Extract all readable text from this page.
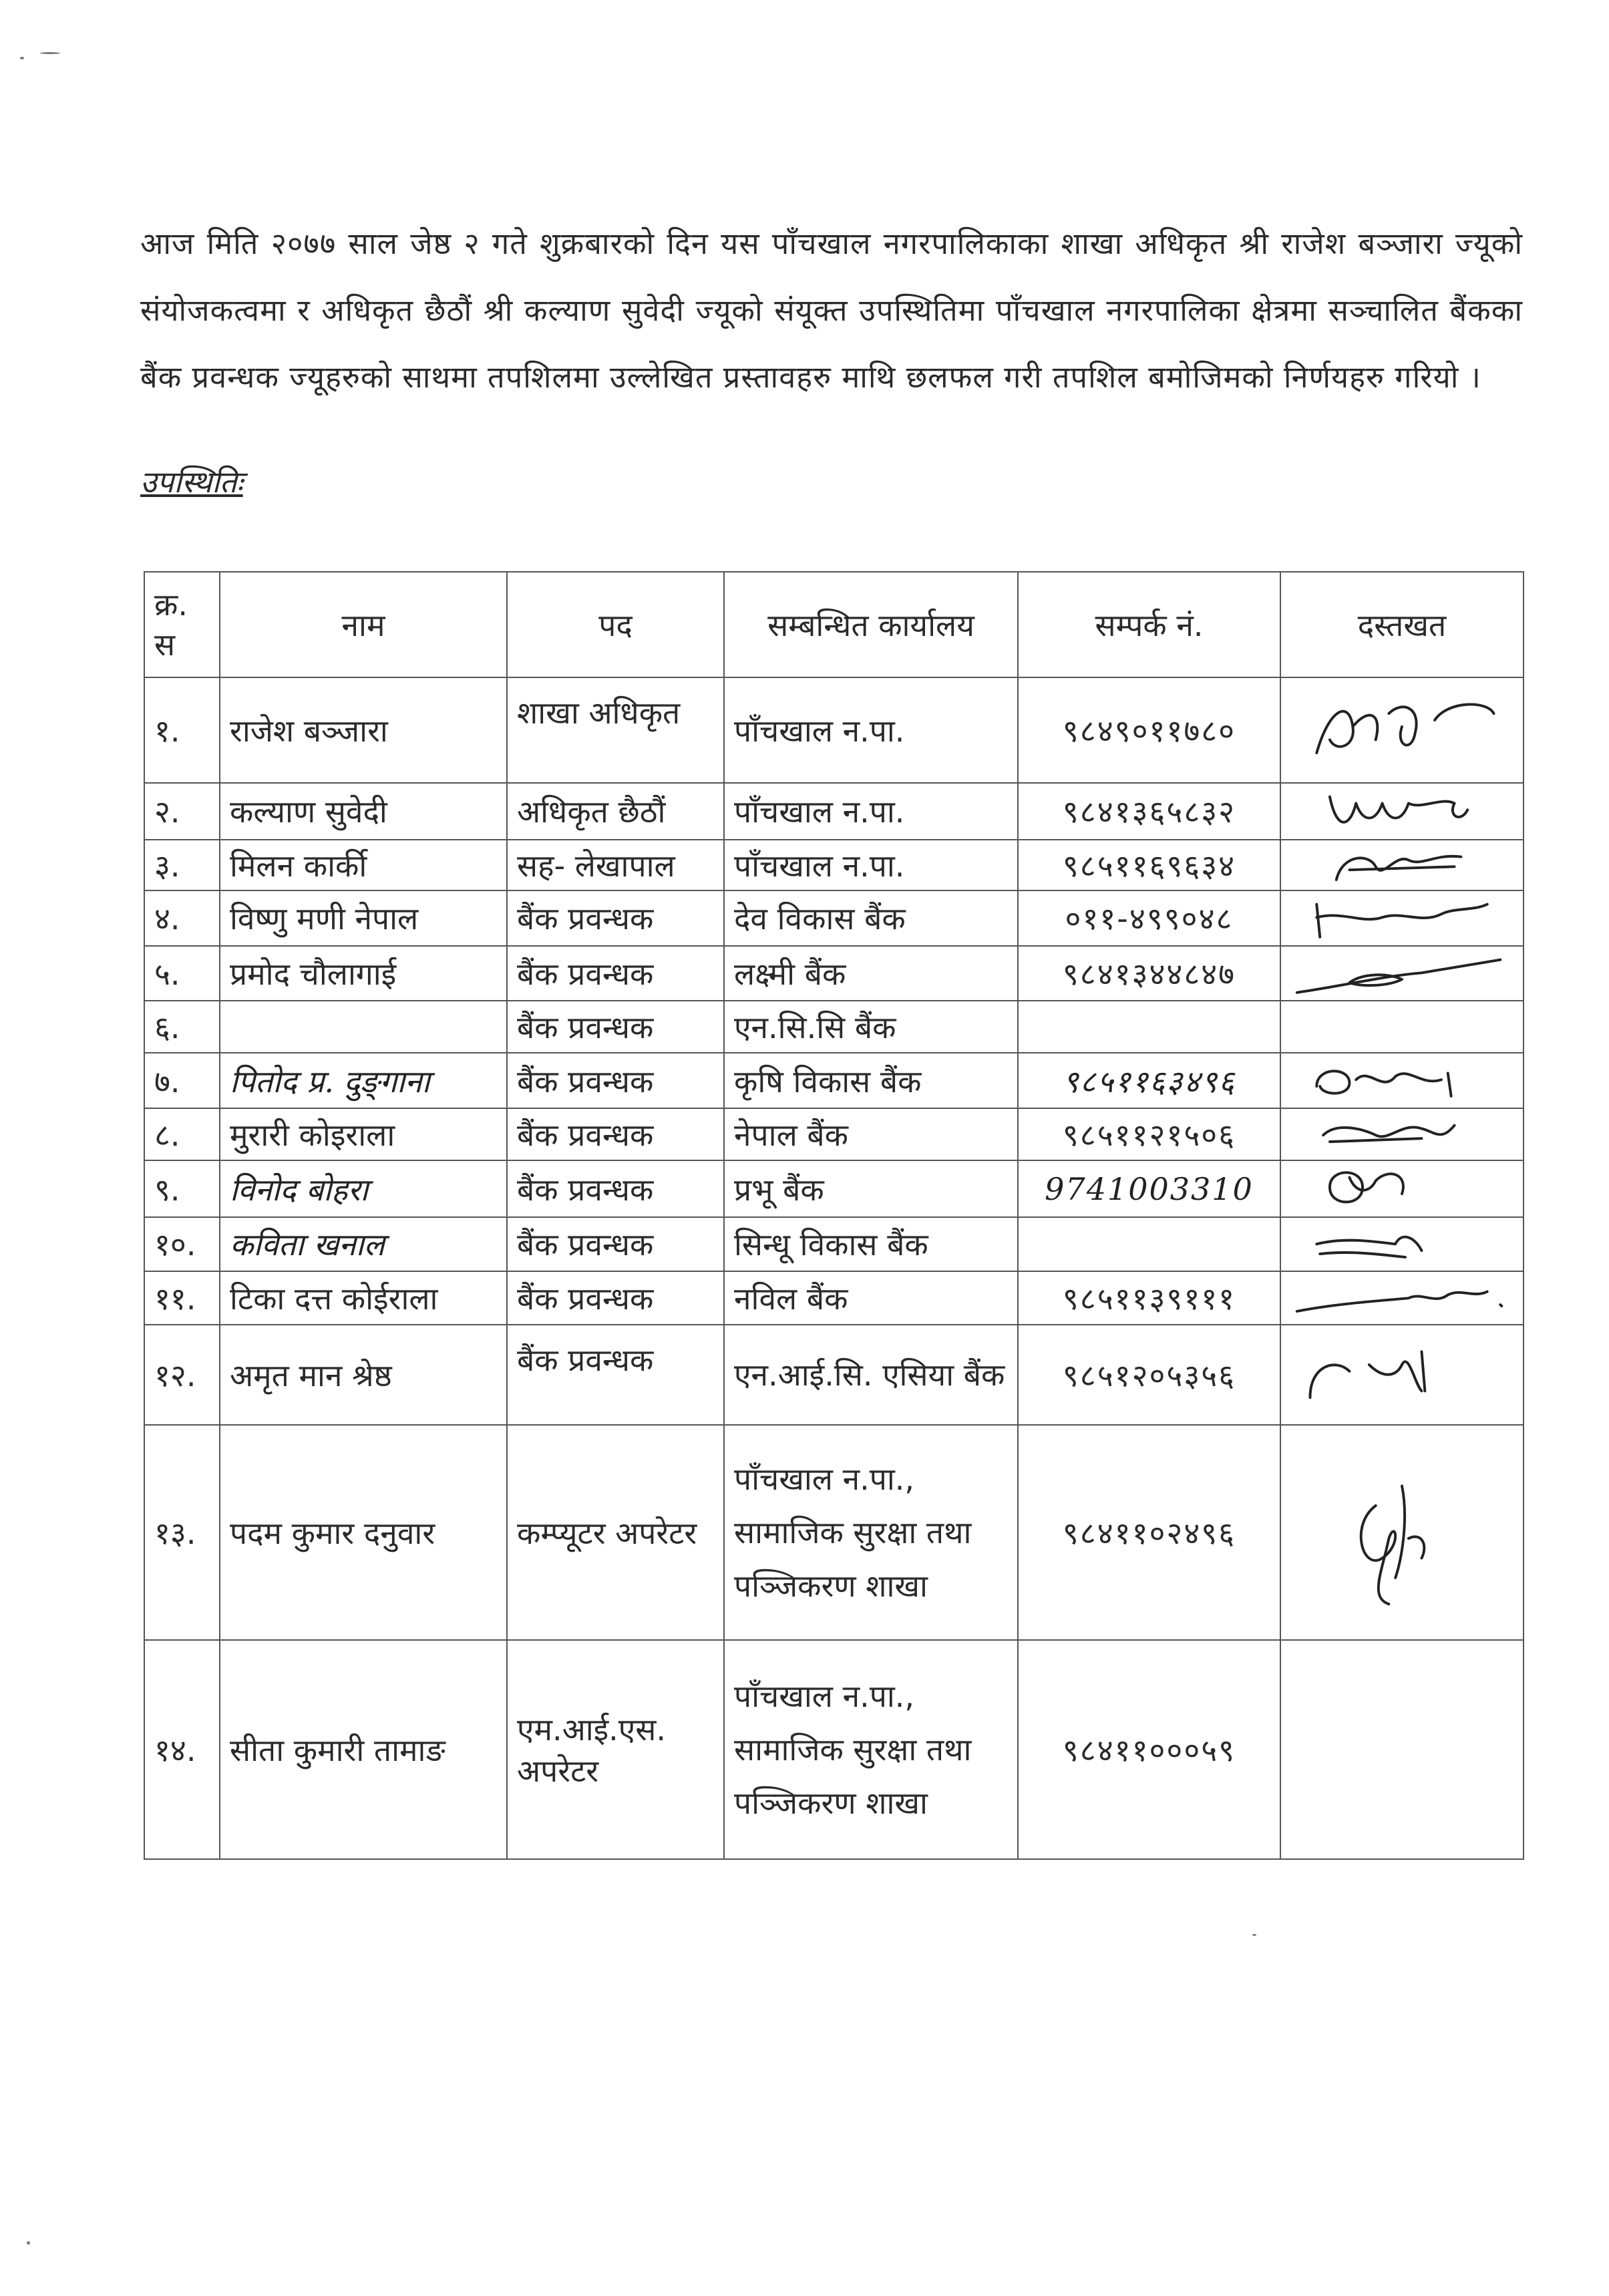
आज मिति २०७७ साल जेष्ठ २ गते शुक्रबारको दिन यस पाँचखाल नगरपालिकाका शाखा अधिकृत श्री राजेश बञ्जारा ज्यूको संयोजकत्वमा र अधिकृत छैठौं श्री कल्याण सुवेदी ज्यूको संयूक्त उपस्थितिमा पाँचखाल नगरपालिका क्षेत्रमा सञ्चालित बैंकका बैंक प्रवन्धक ज्यूहरुको साथमा तपशिलमा उल्लेखित प्रस्तावहरु माथि छलफल गरी तपशिल बमोजिमको निर्णयहरु गरियो ।

उपस्थितिः
क्र. स	नाम	पद	सम्बन्धित कार्यालय	सम्पर्क नं.	दस्तखत
१.	राजेश बञ्जारा	शाखा अधिकृत	पाँचखाल न.पा.	९८४९०११७८०	

२.	कल्याण सुवेदी	अधिकृत छैठौं	पाँचखाल न.पा.	९८४१३६५८३२	

३.	मिलन कार्की	सह- लेखापाल	पाँचखाल न.पा.	९८५११६९६३४	

४.	विष्णु मणी नेपाल	बैंक प्रवन्धक	देव विकास बैंक	०११-४९९०४८	

५.	प्रमोद चौलागाई	बैंक प्रवन्धक	लक्ष्मी बैंक	९८४१३४४८४७	

६.		बैंक प्रवन्धक	एन.सि.सि बैंक		
७.	पितोद प्र. दुङ्‍गाना	बैंक प्रवन्धक	कृषि विकास बैंक	९८५११६३४९६	

८.	मुरारी कोइराला	बैंक प्रवन्धक	नेपाल बैंक	९८५११२१५०६	

९.	विनोद बोहरा	बैंक प्रवन्धक	प्रभू बैंक	9741003310	

१०.	कविता खनाल	बैंक प्रवन्धक	सिन्धू विकास बैंक		

११.	टिका दत्त कोईराला	बैंक प्रवन्धक	नविल बैंक	९८५११३९१११	

१२.	अमृत मान श्रेष्ठ	बैंक प्रवन्धक	एन.आई.सि. एसिया बैंक	९८५१२०५३५६	

१३.	पदम कुमार दनुवार	कम्प्यूटर अपरेटर	पाँचखाल न.पा., सामाजिक सुरक्षा तथा पञ्जिकरण शाखा	९८४११०२४९६	

१४.	सीता कुमारी तामाङ	एम.आई.एस. अपरेटर	पाँचखाल न.पा., सामाजिक सुरक्षा तथा पञ्जिकरण शाखा	९८४११०००५९	
